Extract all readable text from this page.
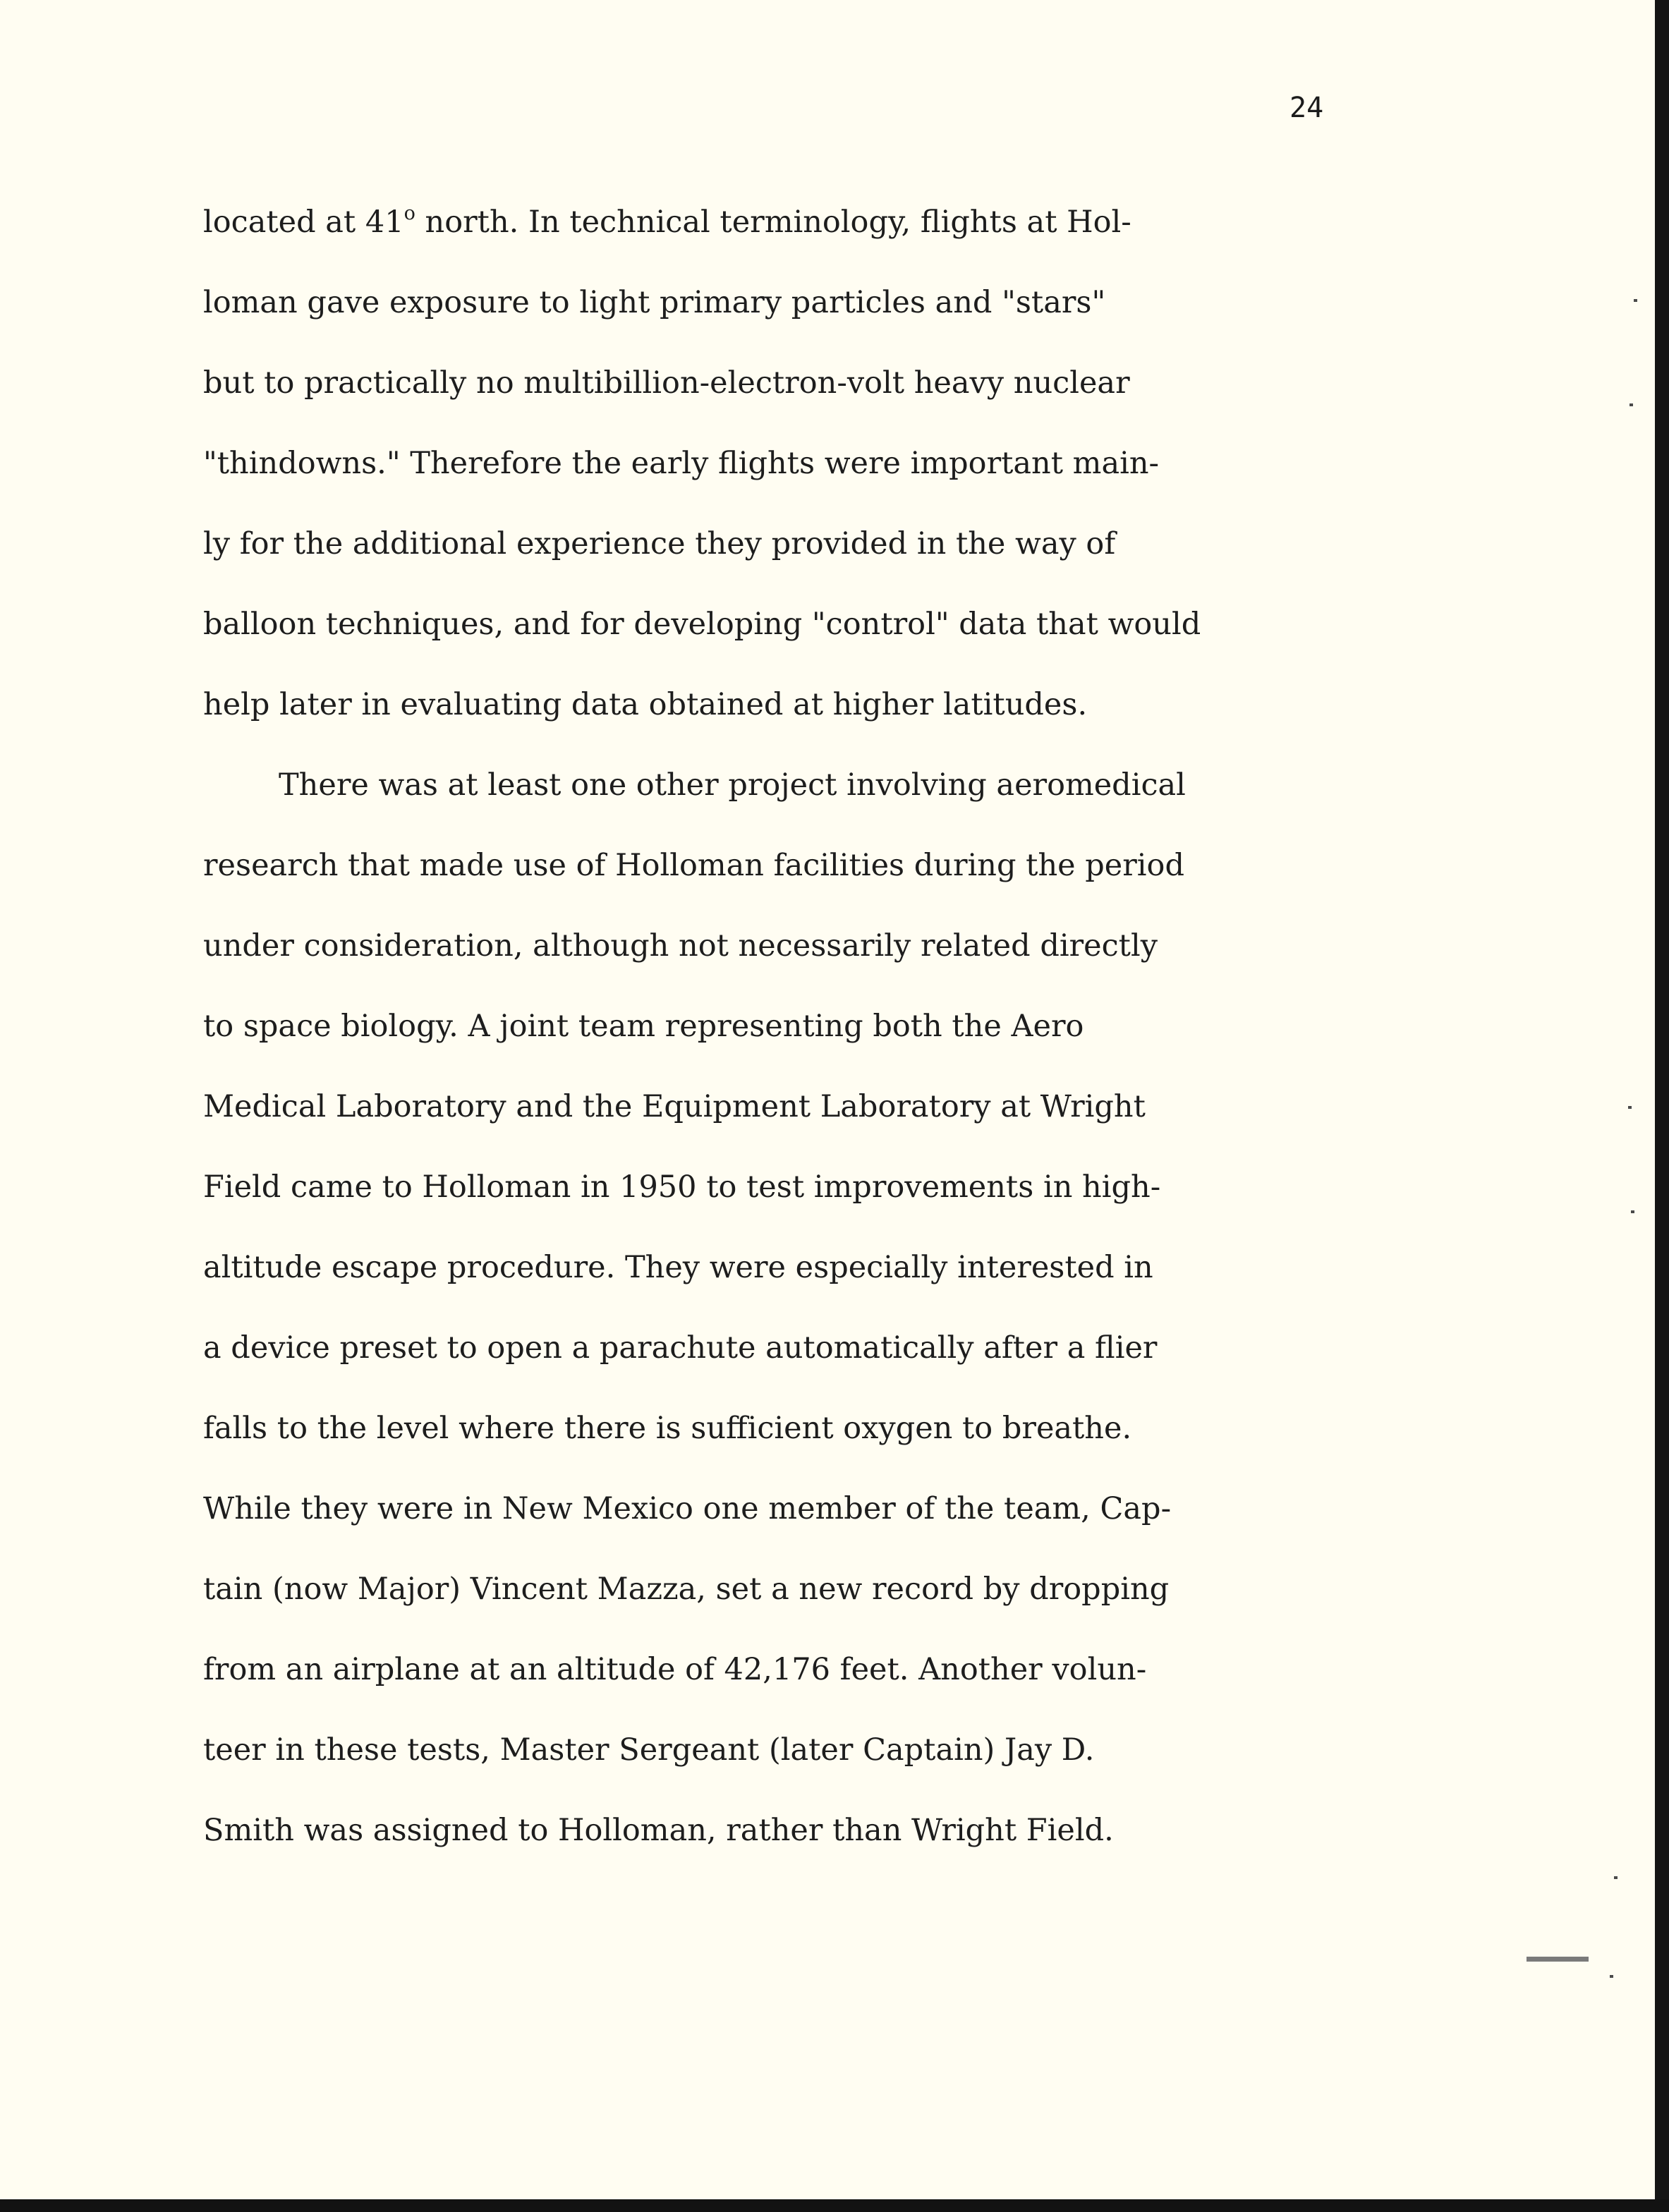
24
located at 41$^o$ north. In technical terminology, flights at Hol-
loman gave exposure to light primary particles and "stars"
but to practically no multibillion-electron-volt heavy nuclear
"thindowns." Therefore the early flights were important main-
ly for the additional experience they provided in the way of
balloon techniques, and for developing "control" data that would
help later in evaluating data obtained at higher latitudes.
There was at least one other project involving aeromedical
research that made use of Holloman facilities during the period
under consideration, although not necessarily related directly
to space biology. A joint team representing both the Aero
Medical Laboratory and the Equipment Laboratory at Wright
Field came to Holloman in 1950 to test improvements in high-
altitude escape procedure. They were especially interested in
a device preset to open a parachute automatically after a flier
falls to the level where there is sufficient oxygen to breathe.
While they were in New Mexico one member of the team, Cap-
tain (now Major) Vincent Mazza, set a new record by dropping
from an airplane at an altitude of 42,176 feet. Another volun-
teer in these tests, Master Sergeant (later Captain) Jay D.
Smith was assigned to Holloman, rather than Wright Field.
